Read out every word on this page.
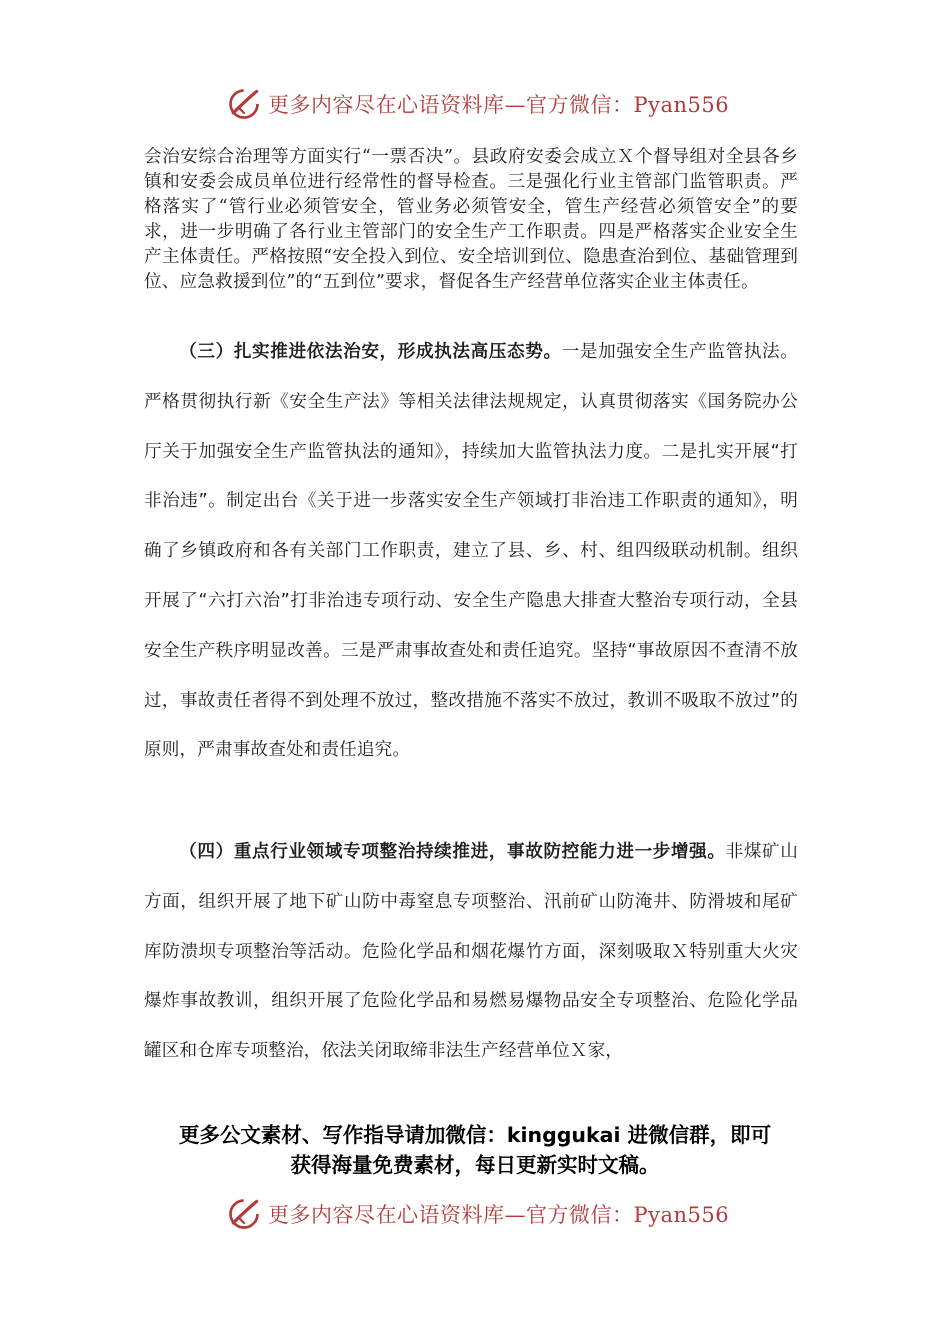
更多内容尽在心语资料库—官方微信：Pyan556

会治安综合治理等方面实行“一票否决”。县政府安委会成立Ｘ个督导组对全县各乡镇和安委会成员单位进行经常性的督导检查。三是强化行业主管部门监管职责。严格落实了“管行业必须管安全，管业务必须管安全，管生产经营必须管安全”的要求，进一步明确了各行业主管部门的安全生产工作职责。四是严格落实企业安全生产主体责任。严格按照“安全投入到位、安全培训到位、隐患查治到位、基础管理到位、应急救援到位”的“五到位”要求，督促各生产经营单位落实企业主体责任。

（三）扎实推进依法治安，形成执法高压态势。一是加强安全生产监管执法。严格贯彻执行新《安全生产法》等相关法律法规规定，认真贯彻落实《国务院办公厅关于加强安全生产监管执法的通知》，持续加大监管执法力度。二是扎实开展“打非治违”。制定出台《关于进一步落实安全生产领域打非治违工作职责的通知》，明确了乡镇政府和各有关部门工作职责，建立了县、乡、村、组四级联动机制。组织开展了“六打六治”打非治违专项行动、安全生产隐患大排查大整治专项行动，全县安全生产秩序明显改善。三是严肃事故查处和责任追究。坚持“事故原因不查清不放过，事故责任者得不到处理不放过，整改措施不落实不放过，教训不吸取不放过”的原则，严肃事故查处和责任追究。

（四）重点行业领域专项整治持续推进，事故防控能力进一步增强。非煤矿山方面，组织开展了地下矿山防中毒窒息专项整治、汛前矿山防淹井、防滑坡和尾矿库防溃坝专项整治等活动。危险化学品和烟花爆竹方面，深刻吸取Ｘ特别重大火灾爆炸事故教训，组织开展了危险化学品和易燃易爆物品安全专项整治、危险化学品罐区和仓库专项整治，依法关闭取缔非法生产经营单位Ｘ家，

更多公文素材、写作指导请加微信：kinggukai 进微信群，即可
获得海量免费素材，每日更新实时文稿。
更多内容尽在心语资料库—官方微信：Pyan556
